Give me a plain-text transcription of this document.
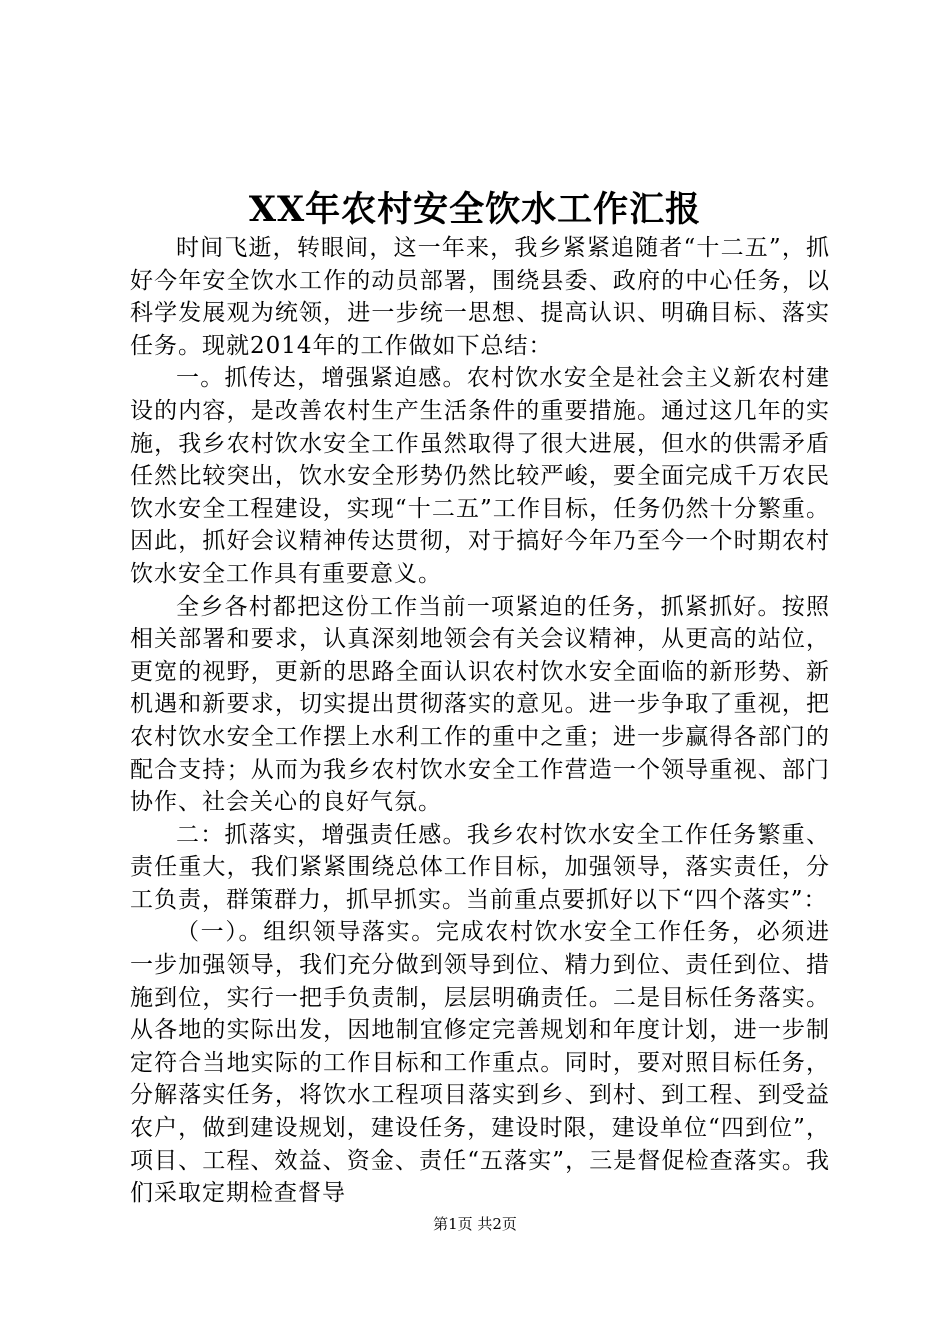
XX年农村安全饮水工作汇报

时间飞逝，转眼间，这一年来，我乡紧紧追随者“十二五”，抓好今年安全饮水工作的动员部署，围绕县委、政府的中心任务，以科学发展观为统领，进一步统一思想、提高认识、明确目标、落实任务。现就2014年的工作做如下总结：

一。抓传达，增强紧迫感。农村饮水安全是社会主义新农村建设的内容，是改善农村生产生活条件的重要措施。通过这几年的实施，我乡农村饮水安全工作虽然取得了很大进展，但水的供需矛盾任然比较突出，饮水安全形势仍然比较严峻，要全面完成千万农民饮水安全工程建设，实现“十二五”工作目标，任务仍然十分繁重。因此，抓好会议精神传达贯彻，对于搞好今年乃至今一个时期农村饮水安全工作具有重要意义。

全乡各村都把这份工作当前一项紧迫的任务，抓紧抓好。按照相关部署和要求，认真深刻地领会有关会议精神，从更高的站位，更宽的视野，更新的思路全面认识农村饮水安全面临的新形势、新机遇和新要求，切实提出贯彻落实的意见。进一步争取了重视，把农村饮水安全工作摆上水利工作的重中之重；进一步赢得各部门的配合支持；从而为我乡农村饮水安全工作营造一个领导重视、部门协作、社会关心的良好气氛。

二：抓落实，增强责任感。我乡农村饮水安全工作任务繁重、责任重大，我们紧紧围绕总体工作目标，加强领导，落实责任，分工负责，群策群力，抓早抓实。当前重点要抓好以下“四个落实”：

（一）。组织领导落实。完成农村饮水安全工作任务，必须进一步加强领导，我们充分做到领导到位、精力到位、责任到位、措施到位，实行一把手负责制，层层明确责任。二是目标任务落实。从各地的实际出发，因地制宜修定完善规划和年度计划，进一步制定符合当地实际的工作目标和工作重点。同时，要对照目标任务，分解落实任务，将饮水工程项目落实到乡、到村、到工程、到受益农户，做到建设规划，建设任务，建设时限，建设单位“四到位”，项目、工程、效益、资金、责任“五落实”，三是督促检查落实。我们采取定期检查督导

第1页 共2页
